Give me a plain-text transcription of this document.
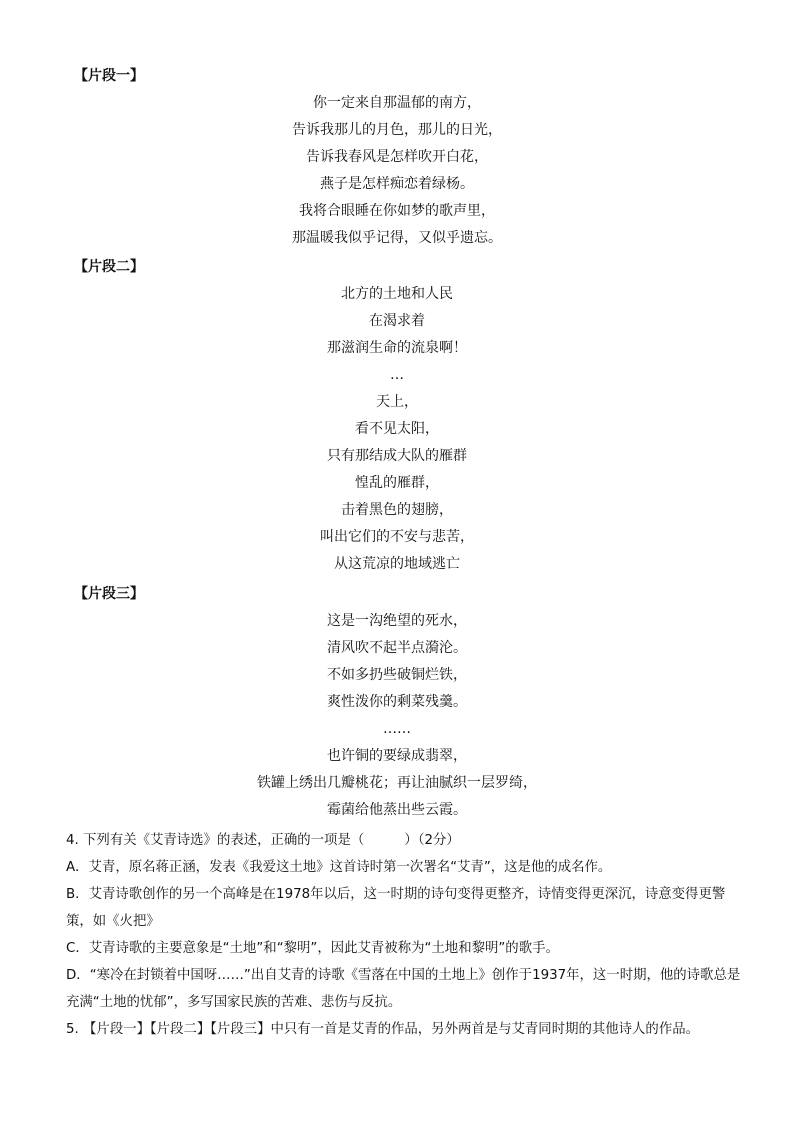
【片段一】
你一定来自那温郁的南方，
告诉我那儿的月色，那儿的日光，
告诉我春风是怎样吹开白花，
燕子是怎样痴恋着绿杨。
我将合眼睡在你如梦的歌声里，
那温暖我似乎记得，又似乎遗忘。
【片段二】
北方的土地和人民
在渴求着
那滋润生命的流泉啊！
…
天上，
看不见太阳，
只有那结成大队的雁群
惶乱的雁群，
击着黑色的翅膀，
叫出它们的不安与悲苦，
从这荒凉的地域逃亡
【片段三】
这是一沟绝望的死水，
清风吹不起半点漪沦。
不如多扔些破铜烂铁，
爽性泼你的剩菜残羹。
……
也许铜的要绿成翡翠，
铁罐上绣出几瓣桃花；再让油腻织一层罗绮，
霉菌给他蒸出些云霞。

4. 下列有关《艾青诗选》的表述，正确的一项是（　　　）（2分）

A．艾青，原名蒋正涵，发表《我爱这土地》这首诗时第一次署名“艾青”，这是他的成名作。

B．艾青诗歌创作的另一个高峰是在1978年以后，这一时期的诗句变得更整齐，诗情变得更深沉，诗意变得更警策，如《火把》

C．艾青诗歌的主要意象是“土地”和“黎明”，因此艾青被称为“土地和黎明”的歌手。

D．“寒冷在封锁着中国呀……”出自艾青的诗歌《雪落在中国的土地上》创作于1937年，这一时期，他的诗歌总是充满“土地的忧郁”，多写国家民族的苦难、悲伤与反抗。

5. 【片段一】【片段二】【片段三】中只有一首是艾青的作品，另外两首是与艾青同时期的其他诗人的作品。
